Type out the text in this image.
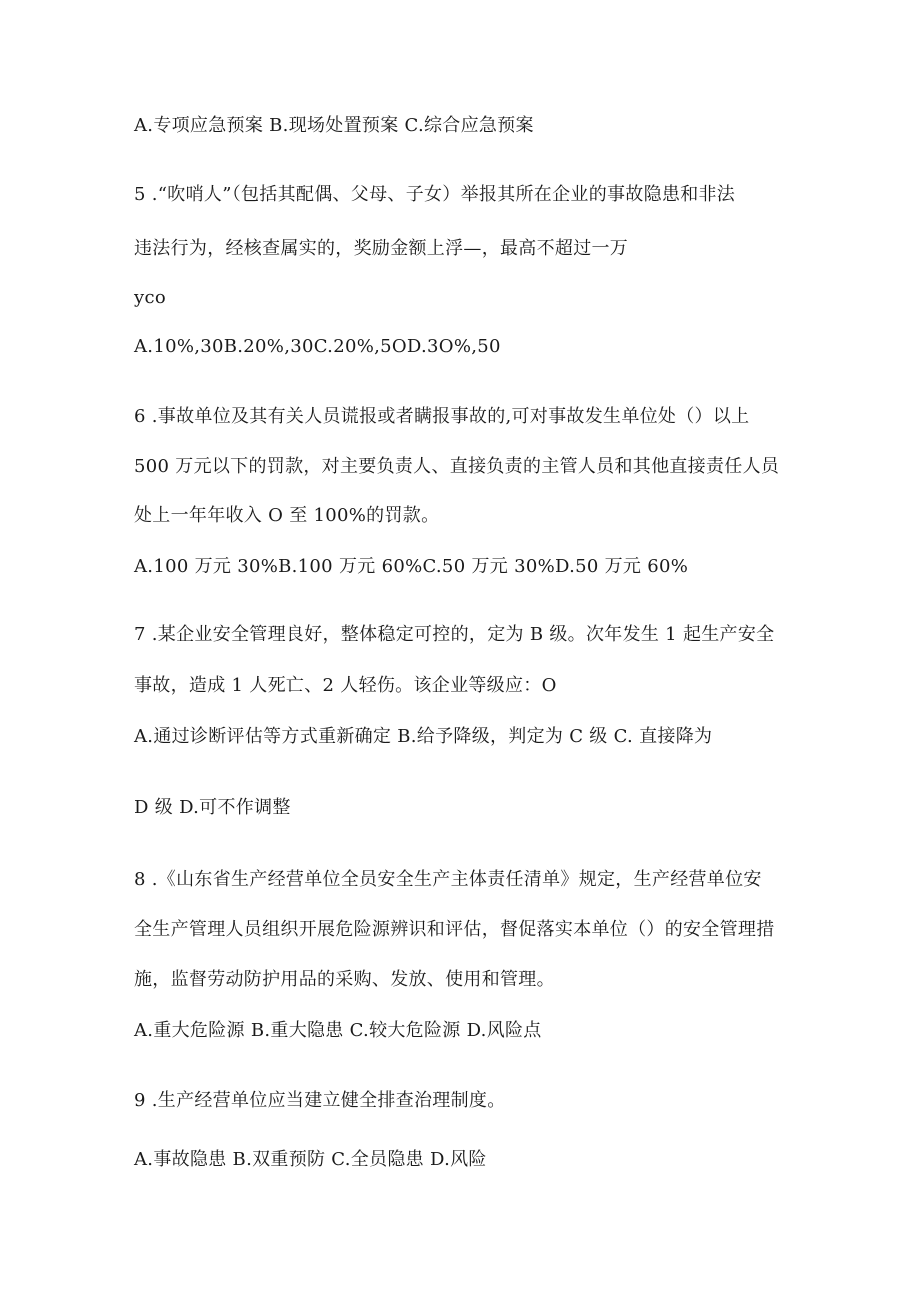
A.专项应急预案 B.现场处置预案 C.综合应急预案
5 .“吹哨人”（包括其配偶、父母、子女）举报其所在企业的事故隐患和非法
违法行为，经核查属实的，奖励金额上浮—，最高不超过一万
yco
A.10%,30B.20%,30C.20%,5OD.3O%,50
6 .事故单位及其有关人员谎报或者瞒报事故的,可对事故发生单位处（）以上
500 万元以下的罚款，对主要负责人、直接负责的主管人员和其他直接责任人员
处上一年年收入 O 至 100%的罚款。
A.100 万元 30%B.100 万元 60%C.50 万元 30%D.50 万元 60%
7 .某企业安全管理良好，整体稳定可控的，定为 B 级。次年发生 1 起生产安全
事故，造成 1 人死亡、2 人轻伤。该企业等级应：O
A.通过诊断评估等方式重新确定 B.给予降级，判定为 C 级 C. 直接降为
D 级 D.可不作调整
8 .《山东省生产经营单位全员安全生产主体责任清单》规定，生产经营单位安
全生产管理人员组织开展危险源辨识和评估，督促落实本单位（）的安全管理措
施，监督劳动防护用品的采购、发放、使用和管理。
A.重大危险源 B.重大隐患 C.较大危险源 D.风险点
9 .生产经营单位应当建立健全排查治理制度。
A.事故隐患 B.双重预防 C.全员隐患 D.风险
